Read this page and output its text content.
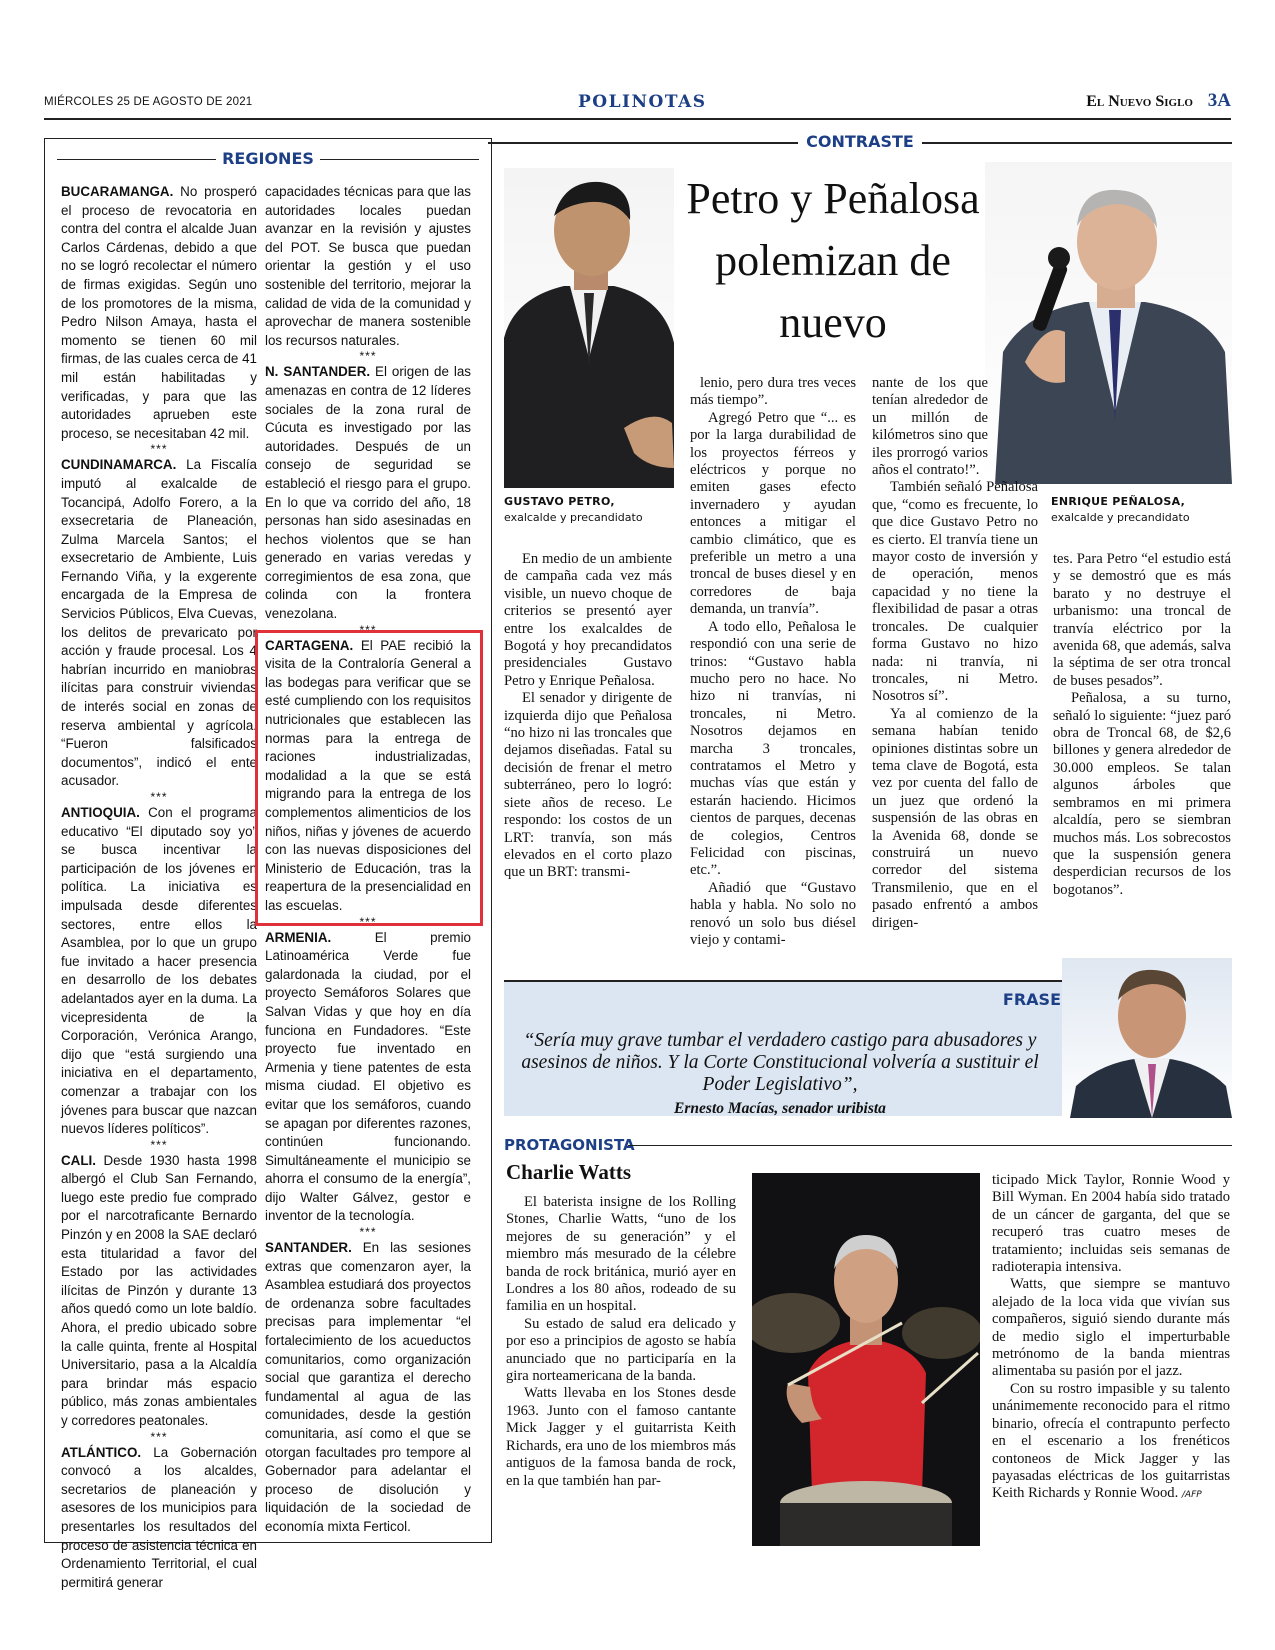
MIÉRCOLES 25 DE AGOSTO DE 2021	POLINOTAS	El Nuevo Siglo 3A
REGIONES

BUCARAMANGA. No prosperó el proceso de revocatoria en contra del contra el alcalde Juan Carlos Cárdenas, debido a que no se logró recolectar el número de firmas exigidas. Según uno de los promotores de la misma, Pedro Nilson Amaya, hasta el momento se tienen 60 mil firmas, de las cuales cerca de 41 mil están habilitadas y verificadas, y para que las autoridades aprueben este proceso, se necesitaban 42 mil.

***

CUNDINAMARCA. La Fiscalía imputó al exalcalde de Tocancipá, Adolfo Forero, a la exsecretaria de Planeación, Zulma Marcela Santos; el exsecretario de Ambiente, Luis Fernando Viña, y la exgerente encargada de la Empresa de Servicios Públicos, Elva Cuevas, los delitos de prevaricato por acción y fraude procesal. Los 4 habrían incurrido en maniobras ilícitas para construir viviendas de interés social en zonas de reserva ambiental y agrícola. “Fueron falsificados documentos”, indicó el ente acusador.

***

ANTIOQUIA. Con el programa educativo “El diputado soy yo” se busca incentivar la participación de los jóvenes en política. La iniciativa es impulsada desde diferentes sectores, entre ellos la Asamblea, por lo que un grupo fue invitado a hacer presencia en desarrollo de los debates adelantados ayer en la duma. La vicepresidenta de la Corporación, Verónica Arango, dijo que “está surgiendo una iniciativa en el departamento, comenzar a trabajar con los jóvenes para buscar que nazcan nuevos líderes políticos”.

***

CALI. Desde 1930 hasta 1998 albergó el Club San Fernando, luego este predio fue comprado por el narcotraficante Bernardo Pinzón y en 2008 la SAE declaró esta titularidad a favor del Estado por las actividades ilícitas de Pinzón y durante 13 años quedó como un lote baldío. Ahora, el predio ubicado sobre la calle quinta, frente al Hospital Universitario, pasa a la Alcaldía para brindar más espacio público, más zonas ambientales y corredores peatonales.

***

ATLÁNTICO. La Gobernación convocó a los alcaldes, secretarios de planeación y asesores de los municipios para presentarles los resultados del proceso de asistencia técnica en Ordenamiento Territorial, el cual permitirá generar

capacidades técnicas para que las autoridades locales puedan avanzar en la revisión y ajustes del POT. Se busca que puedan orientar la gestión y el uso sostenible del territorio, mejorar la calidad de vida de la comunidad y aprovechar de manera sostenible los recursos naturales.

***

N. SANTANDER. El origen de las amenazas en contra de 12 líderes sociales de la zona rural de Cúcuta es investigado por las autoridades. Después de un consejo de seguridad se estableció el riesgo para el grupo. En lo que va corrido del año, 18 personas han sido asesinadas en hechos violentos que se han generado en varias veredas y corregimientos de esa zona, que colinda con la frontera venezolana.

***

CARTAGENA. El PAE recibió la visita de la Contraloría General a las bodegas para verificar que se esté cumpliendo con los requisitos nutricionales que establecen las normas para la entrega de raciones industrializadas, modalidad a la que se está migrando para la entrega de los complementos alimenticios de los niños, niñas y jóvenes de acuerdo con las nuevas disposiciones del Ministerio de Educación, tras la reapertura de la presencialidad en las escuelas.

***

ARMENIA. El premio Latinoamérica Verde fue galardonada la ciudad, por el proyecto Semáforos Solares que Salvan Vidas y que hoy en día funciona en Fundadores. “Este proyecto fue inventado en Armenia y tiene patentes de esta misma ciudad. El objetivo es evitar que los semáforos, cuando se apagan por diferentes razones, continúen funcionando. Simultáneamente el municipio se ahorra el consumo de la energía”, dijo Walter Gálvez, gestor e inventor de la tecnología.

***

SANTANDER. En las sesiones extras que comenzaron ayer, la Asamblea estudiará dos proyectos de ordenanza sobre facultades precisas para implementar “el fortalecimiento de los acueductos comunitarios, como organización social que garantiza el derecho fundamental al agua de las comunidades, desde la gestión comunitaria, así como el que se otorgan facultades pro tempore al Gobernador para adelantar el proceso de disolución y liquidación de la sociedad de economía mixta Ferticol.

CONTRASTE
Petro y Peñalosa polemizan de nuevo
GUSTAVO PETRO,
exalcalde y precandidato
ENRIQUE PEÑALOSA,
exalcalde y precandidato

En medio de un ambiente de campaña cada vez más visible, un nuevo choque de criterios se presentó ayer entre los exalcaldes de Bogotá y hoy precandidatos presidenciales Gustavo Petro y Enrique Peñalosa.

El senador y dirigente de izquierda dijo que Peñalosa “no hizo ni las troncales que dejamos diseñadas. Fatal su decisión de frenar el metro subterráneo, pero lo logró: siete años de receso. Le respondo: los costos de un LRT: tranvía, son más elevados en el corto plazo que un BRT: transmi-

lenio, pero dura tres veces más tiempo”.

Agregó Petro que “... es por la larga durabilidad de los proyectos férreos y eléctricos y porque no emiten gases efecto invernadero y ayudan entonces a mitigar el cambio climático, que es preferible un metro a una troncal de buses diesel y en corredores de baja demanda, un tranvía”.

A todo ello, Peñalosa le respondió con una serie de trinos: “Gustavo habla mucho pero no hace. No hizo ni tranvías, ni troncales, ni Metro. Nosotros dejamos en marcha 3 troncales, contratamos el Metro y muchas vías que están y estarán haciendo. Hicimos cientos de parques, decenas de colegios, Centros Felicidad con piscinas, etc.”.

Añadió que “Gustavo habla y habla. No solo no renovó un solo bus diésel viejo y contami-

nante de los que tenían alrededor de un millón de kilómetros sino que iles prorrogó varios años el contrato!”.

También señaló Peñalosa que, “como es frecuente, lo que dice Gustavo Petro no es cierto. El tranvía tiene un mayor costo de inversión y de operación, menos capacidad y no tiene la flexibilidad de pasar a otras troncales. De cualquier forma Gustavo no hizo nada: ni tranvía, ni troncales, ni Metro. Nosotros sí”.

Ya al comienzo de la semana habían tenido opiniones distintas sobre un tema clave de Bogotá, esta vez por cuenta del fallo de un juez que ordenó la suspensión de las obras en la Avenida 68, donde se construirá un nuevo corredor del sistema Transmilenio, que en el pasado enfrentó a ambos dirigen-

tes. Para Petro “el estudio está y se demostró que es más barato y no destruye el urbanismo: una troncal de tranvía eléctrico por la avenida 68, que además, salva la séptima de ser otra troncal de buses pesados”.

Peñalosa, a su turno, señaló lo siguiente: “juez paró obra de Troncal 68, de $2,6 billones y genera alrededor de 30.000 empleos. Se talan algunos árboles que sembramos en mi primera alcaldía, pero se siembran muchos más. Los sobrecostos que la suspensión genera desperdician recursos de los bogotanos”.

FRASE
“Sería muy grave tumbar el verdadero castigo para abusadores y asesinos de niños. Y la Corte Constitucional volvería a sustituir el Poder Legislativo”,
Ernesto Macías, senador uribista
PROTAGONISTA
Charlie Watts

El baterista insigne de los Rolling Stones, Charlie Watts, “uno de los mejores de su generación” y el miembro más mesurado de la célebre banda de rock británica, murió ayer en Londres a los 80 años, rodeado de su familia en un hospital.

Su estado de salud era delicado y por eso a principios de agosto se había anunciado que no participaría en la gira norteamericana de la banda.

Watts llevaba en los Stones desde 1963. Junto con el famoso cantante Mick Jagger y el guitarrista Keith Richards, era uno de los miembros más antiguos de la famosa banda de rock, en la que también han par-

ticipado Mick Taylor, Ronnie Wood y Bill Wyman. En 2004 había sido tratado de un cáncer de garganta, del que se recuperó tras cuatro meses de tratamiento; incluidas seis semanas de radioterapia intensiva.

Watts, que siempre se mantuvo alejado de la loca vida que vivían sus compañeros, siguió siendo durante más de medio siglo el imperturbable metrónomo de la banda mientras alimentaba su pasión por el jazz.

Con su rostro impasible y su talento unánimemente reconocido para el ritmo binario, ofrecía el contrapunto perfecto en el escenario a los frenéticos contoneos de Mick Jagger y las payasadas eléctricas de los guitarristas Keith Richards y Ronnie Wood. /AFP
